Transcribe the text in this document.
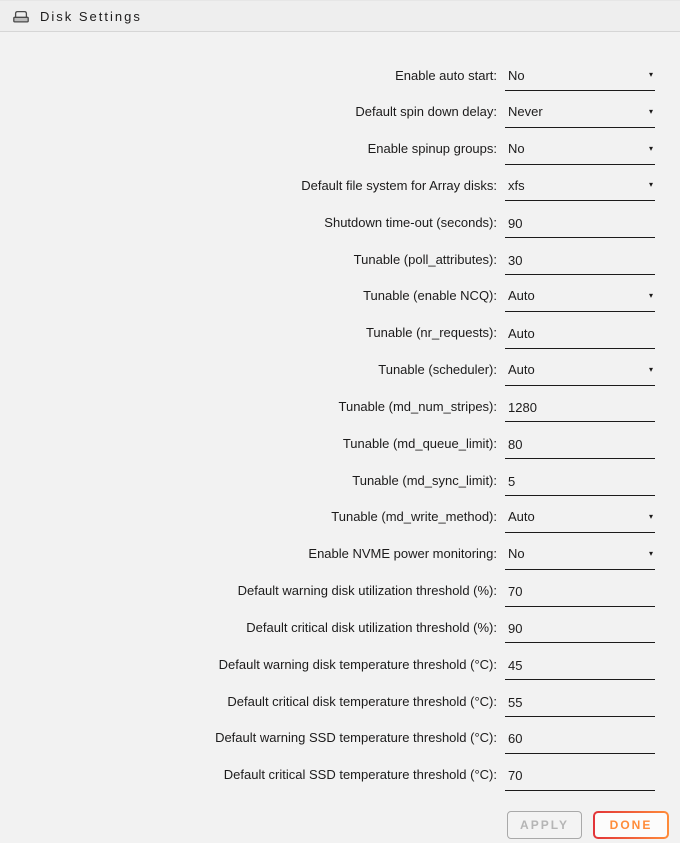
Disk Settings
Enable auto start: No	▾
Default spin down delay: Never	▾
Enable spinup groups: No	▾
Default file system for Array disks: xfs	▾
Shutdown time-out (seconds):
90
Tunable (poll_attributes):
30
Tunable (enable NCQ): Auto	▾
Tunable (nr_requests):
Auto
Tunable (scheduler): Auto	▾
Tunable (md_num_stripes):
1280
Tunable (md_queue_limit):
80
Tunable (md_sync_limit):
5
Tunable (md_write_method): Auto	▾
Enable NVME power monitoring: No	▾
Default warning disk utilization threshold (%):
70
Default critical disk utilization threshold (%):
90
Default warning disk temperature threshold (°C):
45
Default critical disk temperature threshold (°C):
55
Default warning SSD temperature threshold (°C):
60
Default critical SSD temperature threshold (°C):
70
APPLY	DONE
